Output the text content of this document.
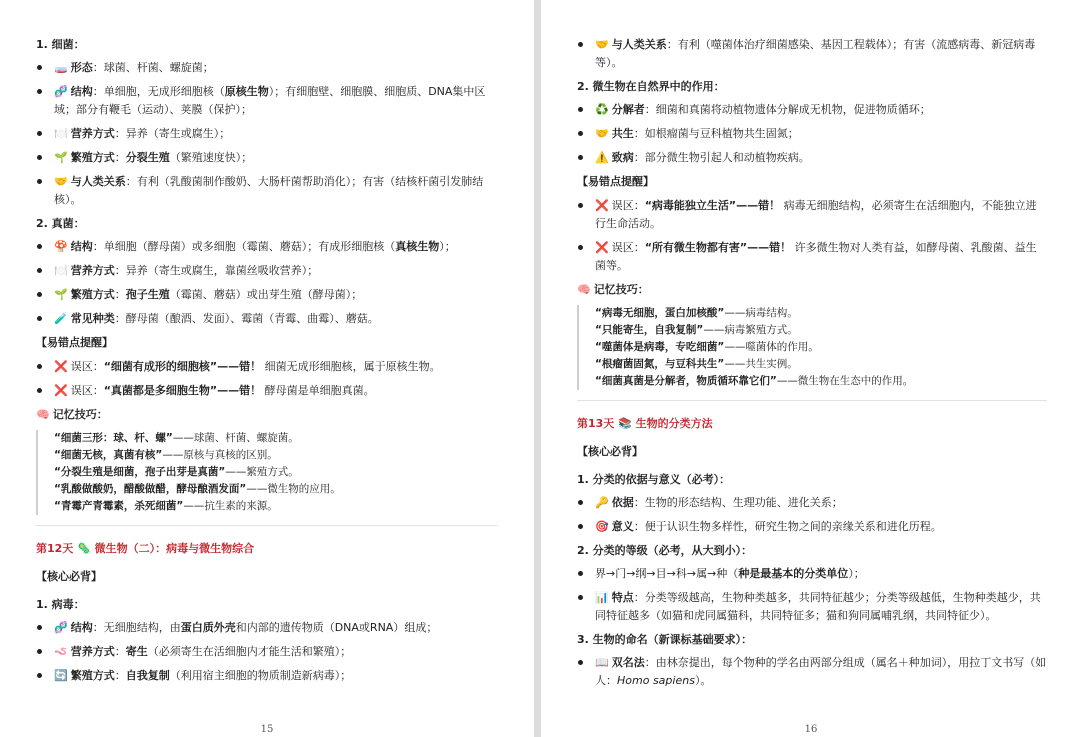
1. 细菌：
🧫 形态：球菌、杆菌、螺旋菌；
🧬 结构：单细胞，无成形细胞核（原核生物）；有细胞壁、细胞膜、细胞质、DNA集中区域；部分有鞭毛（运动）、荚膜（保护）；
🍽️ 营养方式：异养（寄生或腐生）；
🌱 繁殖方式：分裂生殖（繁殖速度快）；
🤝 与人类关系：有利（乳酸菌制作酸奶、大肠杆菌帮助消化）；有害（结核杆菌引发肺结核）。
2. 真菌：
🍄 结构：单细胞（酵母菌）或多细胞（霉菌、蘑菇）；有成形细胞核（真核生物）；
🍽️ 营养方式：异养（寄生或腐生，靠菌丝吸收营养）；
🌱 繁殖方式：孢子生殖（霉菌、蘑菇）或出芽生殖（酵母菌）；
🧪 常见种类：酵母菌（酿酒、发面）、霉菌（青霉、曲霉）、蘑菇。

【易错点提醒】

❌ 误区：“细菌有成形的细胞核”——错！ 细菌无成形细胞核，属于原核生物。
❌ 误区：“真菌都是多细胞生物”——错！ 酵母菌是单细胞真菌。

🧠 记忆技巧：

“细菌三形：球、杆、螺”——球菌、杆菌、螺旋菌。

“细菌无核，真菌有核”——原核与真核的区别。

“分裂生殖是细菌，孢子出芽是真菌”——繁殖方式。

“乳酸做酸奶，醋酸做醋，酵母酿酒发面”——微生物的应用。

“青霉产青霉素，杀死细菌”——抗生素的来源。

第12天 🦠 微生物（二）：病毒与微生物综合

【核心必背】

1. 病毒：
🧬 结构：无细胞结构，由蛋白质外壳和内部的遗传物质（DNA或RNA）组成；
🪱 营养方式：寄生（必须寄生在活细胞内才能生活和繁殖）；
🔄 繁殖方式：自我复制（利用宿主细胞的物质制造新病毒）；
15
🤝 与人类关系：有利（噬菌体治疗细菌感染、基因工程载体）；有害（流感病毒、新冠病毒等）。
2. 微生物在自然界中的作用：
♻️ 分解者：细菌和真菌将动植物遗体分解成无机物，促进物质循环；
🤝 共生：如根瘤菌与豆科植物共生固氮；
⚠️ 致病：部分微生物引起人和动植物疾病。

【易错点提醒】

❌ 误区：“病毒能独立生活”——错！ 病毒无细胞结构，必须寄生在活细胞内，不能独立进行生命活动。
❌ 误区：“所有微生物都有害”——错！ 许多微生物对人类有益，如酵母菌、乳酸菌、益生菌等。

🧠 记忆技巧：

“病毒无细胞，蛋白加核酸”——病毒结构。

“只能寄生，自我复制”——病毒繁殖方式。

“噬菌体是病毒，专吃细菌”——噬菌体的作用。

“根瘤菌固氮，与豆科共生”——共生实例。

“细菌真菌是分解者，物质循环靠它们”——微生物在生态中的作用。

第13天 📚 生物的分类方法

【核心必背】

1. 分类的依据与意义（必考）：
🔑 依据：生物的形态结构、生理功能、进化关系；
🎯 意义：便于认识生物多样性，研究生物之间的亲缘关系和进化历程。
2. 分类的等级（必考，从大到小）：
界→门→纲→目→科→属→种（种是最基本的分类单位）；
📊 特点：分类等级越高，生物种类越多，共同特征越少；分类等级越低，生物种类越少，共同特征越多（如猫和虎同属猫科，共同特征多；猫和狗同属哺乳纲，共同特征少）。
3. 生物的命名（新课标基础要求）：
📖 双名法：由林奈提出，每个物种的学名由两部分组成（属名＋种加词），用拉丁文书写（如人：Homo sapiens）。
16
